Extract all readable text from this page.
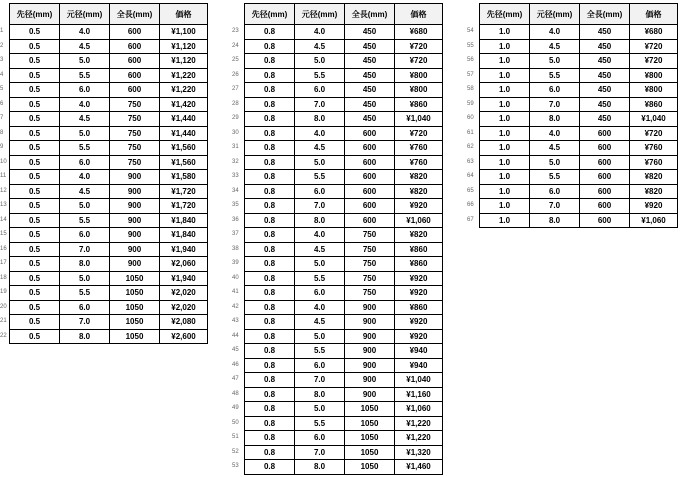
1
2
3
4
5
6
7
8
9
10
11
12
13
14
15
16
17
18
19
20
21
22
先径(mm)	元径(mm)	全長(mm)	価格
0.5	4.0	600	¥1,100
0.5	4.5	600	¥1,120
0.5	5.0	600	¥1,120
0.5	5.5	600	¥1,220
0.5	6.0	600	¥1,220
0.5	4.0	750	¥1,420
0.5	4.5	750	¥1,440
0.5	5.0	750	¥1,440
0.5	5.5	750	¥1,560
0.5	6.0	750	¥1,560
0.5	4.0	900	¥1,580
0.5	4.5	900	¥1,720
0.5	5.0	900	¥1,720
0.5	5.5	900	¥1,840
0.5	6.0	900	¥1,840
0.5	7.0	900	¥1,940
0.5	8.0	900	¥2,060
0.5	5.0	1050	¥1,940
0.5	5.5	1050	¥2,020
0.5	6.0	1050	¥2,020
0.5	7.0	1050	¥2,080
0.5	8.0	1050	¥2,600
23
24
25
26
27
28
29
30
31
32
33
34
35
36
37
38
39
40
41
42
43
44
45
46
47
48
49
50
51
52
53
先径(mm)	元径(mm)	全長(mm)	価格
0.8	4.0	450	¥680
0.8	4.5	450	¥720
0.8	5.0	450	¥720
0.8	5.5	450	¥800
0.8	6.0	450	¥800
0.8	7.0	450	¥860
0.8	8.0	450	¥1,040
0.8	4.0	600	¥720
0.8	4.5	600	¥760
0.8	5.0	600	¥760
0.8	5.5	600	¥820
0.8	6.0	600	¥820
0.8	7.0	600	¥920
0.8	8.0	600	¥1,060
0.8	4.0	750	¥820
0.8	4.5	750	¥860
0.8	5.0	750	¥860
0.8	5.5	750	¥920
0.8	6.0	750	¥920
0.8	4.0	900	¥860
0.8	4.5	900	¥920
0.8	5.0	900	¥920
0.8	5.5	900	¥940
0.8	6.0	900	¥940
0.8	7.0	900	¥1,040
0.8	8.0	900	¥1,160
0.8	5.0	1050	¥1,060
0.8	5.5	1050	¥1,220
0.8	6.0	1050	¥1,220
0.8	7.0	1050	¥1,320
0.8	8.0	1050	¥1,460
54
55
56
57
58
59
60
61
62
63
64
65
66
67
先径(mm)	元径(mm)	全長(mm)	価格
1.0	4.0	450	¥680
1.0	4.5	450	¥720
1.0	5.0	450	¥720
1.0	5.5	450	¥800
1.0	6.0	450	¥800
1.0	7.0	450	¥860
1.0	8.0	450	¥1,040
1.0	4.0	600	¥720
1.0	4.5	600	¥760
1.0	5.0	600	¥760
1.0	5.5	600	¥820
1.0	6.0	600	¥820
1.0	7.0	600	¥920
1.0	8.0	600	¥1,060
